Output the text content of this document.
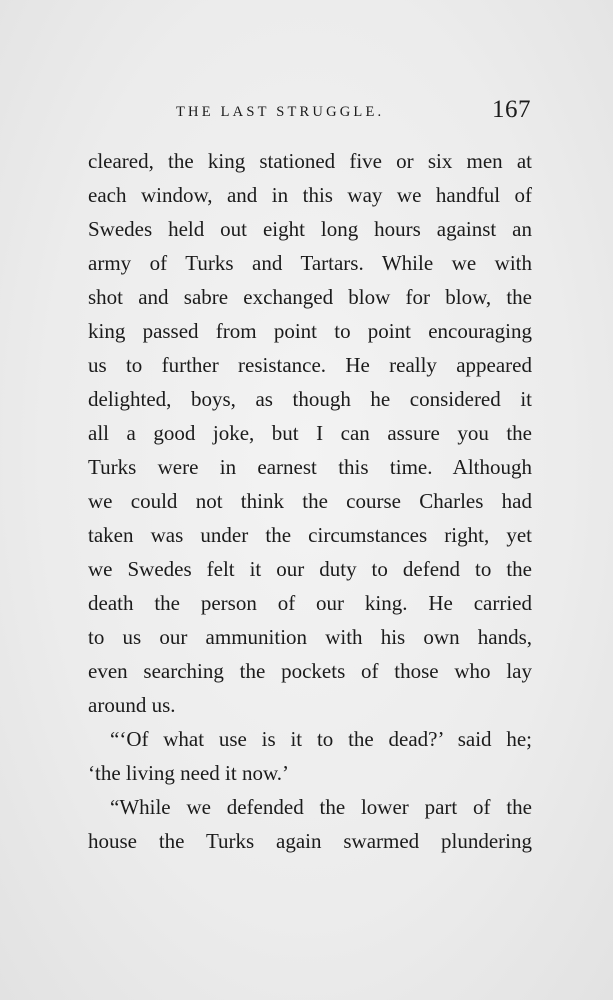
THE LAST STRUGGLE.	167
cleared, the king stationed five or six men at
each window, and in this way we handful of
Swedes held out eight long hours against an
army of Turks and Tartars. While we with
shot and sabre exchanged blow for blow, the
king passed from point to point encouraging
us to further resistance. He really appeared
delighted, boys, as though he considered it
all a good joke, but I can assure you the
Turks were in earnest this time. Although
we could not think the course Charles had
taken was under the circumstances right, yet
we Swedes felt it our duty to defend to the
death the person of our king. He carried
to us our ammunition with his own hands,
even searching the pockets of those who lay
around us.
“‘Of what use is it to the dead?’ said he;
‘the living need it now.’
“While we defended the lower part of the
house the Turks again swarmed plundering
